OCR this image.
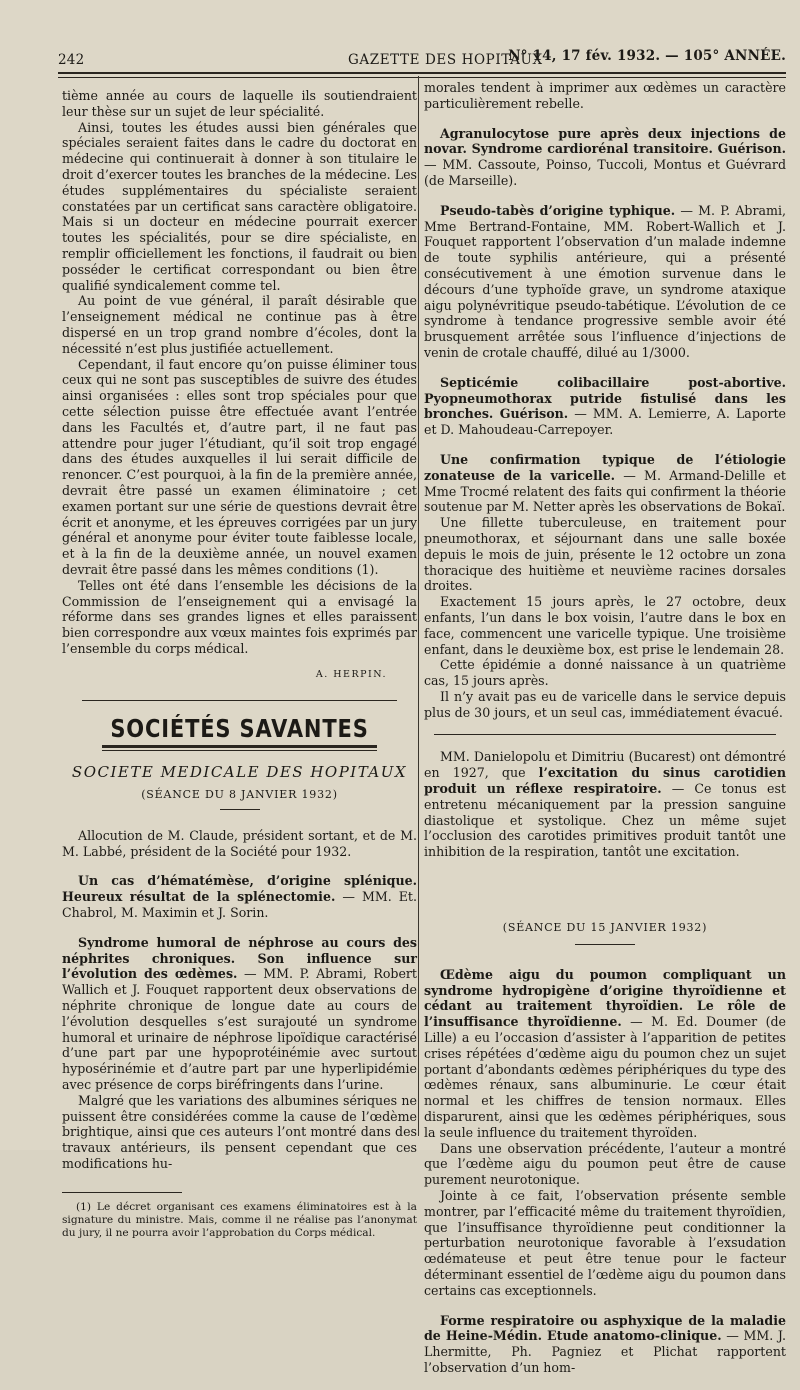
242	GAZETTE DES HOPITAUX
N° 14, 17 fév. 1932. — 105° ANNÉE.

tième année au cours de laquelle ils soutiendraient leur thèse sur un sujet de leur spécialité.

Ainsi, toutes les études aussi bien générales que spéciales seraient faites dans le cadre du doctorat en médecine qui continuerait à donner à son titulaire le droit d’exercer toutes les branches de la médecine. Les études supplémentaires du spécialiste seraient constatées par un certificat sans caractère obligatoire. Mais si un docteur en médecine pourrait exercer toutes les spécialités, pour se dire spécialiste, en remplir officiellement les fonctions, il faudrait ou bien posséder le certificat correspondant ou bien être qualifié syndicalement comme tel.

Au point de vue général, il paraît désirable que l’enseignement médical ne continue pas à être dispersé en un trop grand nombre d’écoles, dont la nécessité n’est plus justifiée actuellement.

Cependant, il faut encore qu’on puisse éliminer tous ceux qui ne sont pas susceptibles de suivre des études ainsi organisées : elles sont trop spéciales pour que cette sélection puisse être effectuée avant l’entrée dans les Facultés et, d’autre part, il ne faut pas attendre pour juger l’étudiant, qu’il soit trop engagé dans des études auxquelles il lui serait difficile de renoncer. C’est pourquoi, à la fin de la première année, devrait être passé un examen éliminatoire ; cet examen portant sur une série de questions devrait être écrit et anonyme, et les épreuves corrigées par un jury général et anonyme pour éviter toute faiblesse locale, et à la fin de la deuxième année, un nouvel examen devrait être passé dans les mêmes conditions (1).

Telles ont été dans l’ensemble les décisions de la Commission de l’enseignement qui a envisagé la réforme dans ses grandes lignes et elles paraissent bien correspondre aux vœux maintes fois exprimés par l’ensemble du corps médical.

A. HERPIN.
SOCIÉTÉS SAVANTES
SOCIETE MEDICALE DES HOPITAUX
(SÉANCE DU 8 JANVIER 1932)

Allocution de M. Claude, président sortant, et de M. M. Labbé, président de la Société pour 1932.

Un cas d’hématémèse, d’origine splénique. Heureux résultat de la splénectomie. — MM. Et. Chabrol, M. Maximin et J. Sorin.

Syndrome humoral de néphrose au cours des néphrites chroniques. Son influence sur l’évolution des œdèmes. — MM. P. Abrami, Robert Wallich et J. Fouquet rapportent deux observations de néphrite chronique de longue date au cours de l’évolution desquelles s’est surajouté un syndrome humoral et urinaire de néphrose lipoïdique caractérisé d’une part par une hypoprotéinémie avec surtout hyposérinémie et d’autre part par une hyperlipidémie avec présence de corps biréfringents dans l’urine.

Malgré que les variations des albumines sériques ne puissent être considérées comme la cause de l’œdème brightique, ainsi que ces auteurs l’ont montré dans des travaux antérieurs, ils pensent cependant que ces modifications hu-

(1) Le décret organisant ces examens éliminatoires est à la signature du ministre. Mais, comme il ne réalise pas l’anonymat du jury, il ne pourra avoir l’approbation du Corps médical.

morales tendent à imprimer aux œdèmes un caractère particulièrement rebelle.

Agranulocytose pure après deux injections de novar. Syndrome cardiorénal transitoire. Guérison. — MM. Cassoute, Poinso, Tuccoli, Montus et Guévrard (de Marseille).

Pseudo-tabès d’origine typhique. — M. P. Abrami, Mme Bertrand-Fontaine, MM. Robert-Wallich et J. Fouquet rapportent l’observation d’un malade indemne de toute syphilis antérieure, qui a présenté consécutivement à une émotion survenue dans le décours d’une typhoïde grave, un syndrome ataxique aigu polynévritique pseudo-tabétique. L’évolution de ce syndrome à tendance progressive semble avoir été brusquement arrêtée sous l’influence d’injections de venin de crotale chauffé, dilué au 1/3000.

Septicémie colibacillaire post-abortive. Pyopneumothorax putride fistulisé dans les bronches. Guérison. — MM. A. Lemierre, A. Laporte et D. Mahoudeau-Carrepoyer.

Une confirmation typique de l’étiologie zonateuse de la varicelle. — M. Armand-Delille et Mme Trocmé relatent des faits qui confirment la théorie soutenue par M. Netter après les observations de Bokaï.

Une fillette tuberculeuse, en traitement pour pneumothorax, et séjournant dans une salle boxée depuis le mois de juin, présente le 12 octobre un zona thoracique des huitième et neuvième racines dorsales droites.

Exactement 15 jours après, le 27 octobre, deux enfants, l’un dans le box voisin, l’autre dans le box en face, commencent une varicelle typique. Une troisième enfant, dans le deuxième box, est prise le lendemain 28.

Cette épidémie a donné naissance à un quatrième cas, 15 jours après.

Il n’y avait pas eu de varicelle dans le service depuis plus de 30 jours, et un seul cas, immédiatement évacué.

MM. Danielopolu et Dimitriu (Bucarest) ont démontré en 1927, que l’excitation du sinus carotidien produit un réflexe respiratoire. — Ce tonus est entretenu mécaniquement par la pression sanguine diastolique et systolique. Chez un même sujet l’occlusion des carotides primitives produit tantôt une inhibition de la respiration, tantôt une excitation.

(SÉANCE DU 15 JANVIER 1932)

Œdème aigu du poumon compliquant un syndrome hydropigène d’origine thyroïdienne et cédant au traitement thyroïdien. Le rôle de l’insuffisance thyroïdienne. — M. Ed. Doumer (de Lille) a eu l’occasion d’assister à l’apparition de petites crises répétées d’œdème aigu du poumon chez un sujet portant d’abondants œdèmes périphériques du type des œdèmes rénaux, sans albuminurie. Le cœur était normal et les chiffres de tension normaux. Elles disparurent, ainsi que les œdèmes périphériques, sous la seule influence du traitement thyroïden.

Dans une observation précédente, l’auteur a montré que l’œdème aigu du poumon peut être de cause purement neurotonique.

Jointe à ce fait, l’observation présente semble montrer, par l’efficacité même du traitement thyroïdien, que l’insuffisance thyroïdienne peut conditionner la perturbation neurotonique favorable à l’exsudation œdémateuse et peut être tenue pour le facteur déterminant essentiel de l’œdème aigu du poumon dans certains cas exceptionnels.

Forme respiratoire ou asphyxique de la maladie de Heine-Médin. Etude anatomo-clinique. — MM. J. Lhermitte, Ph. Pagniez et Plichat rapportent l’observation d’un hom-
